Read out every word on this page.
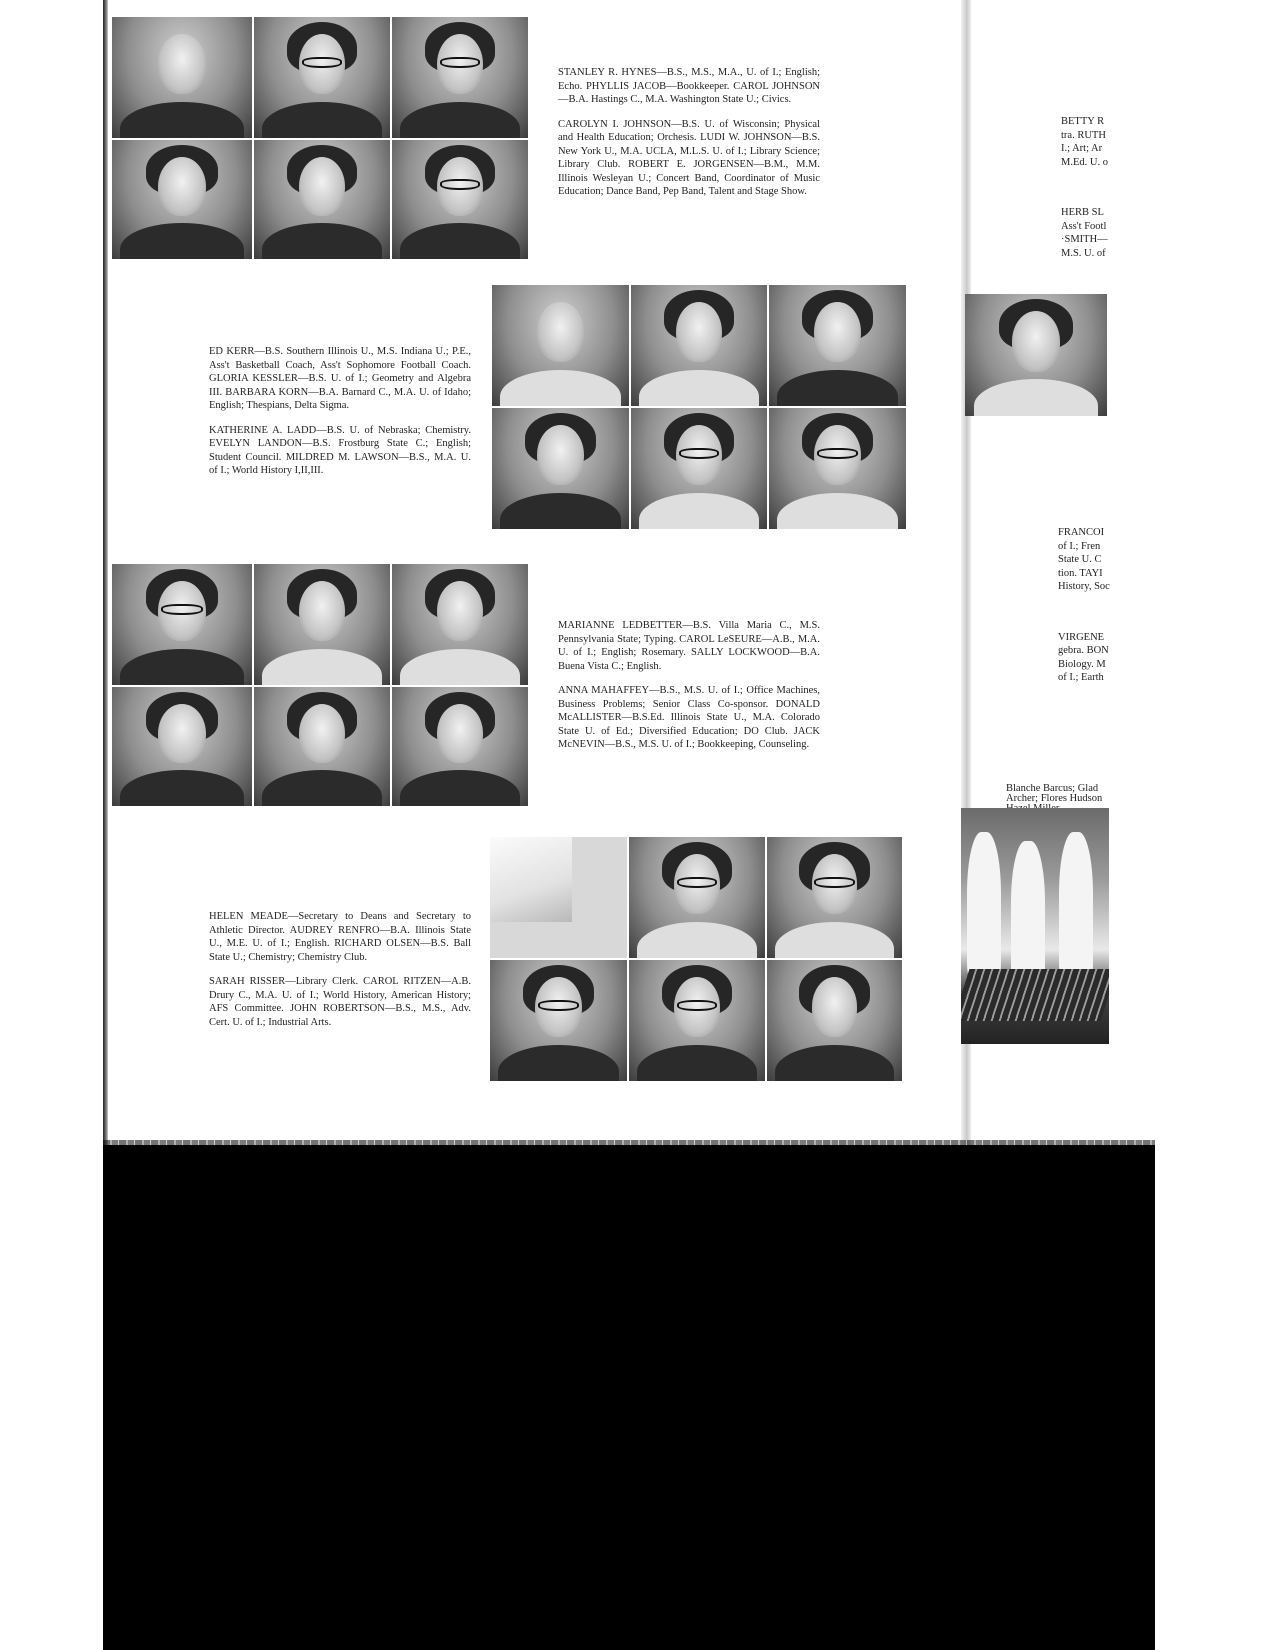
STANLEY R. HYNES—B.S., M.S., M.A., U. of I.; English; Echo. PHYLLIS JACOB—Bookkeeper. CAROL JOHNSON—B.A. Hastings C., M.A. Washington State U.; Civics.

CAROLYN I. JOHNSON—B.S. U. of Wisconsin; Physical and Health Education; Orchesis. LUDI W. JOHNSON—B.S. New York U., M.A. UCLA, M.L.S. U. of I.; Library Science; Library Club. ROBERT E. JORGENSEN—B.M., M.M. Illinois Wesleyan U.; Concert Band, Coordinator of Music Education; Dance Band, Pep Band, Talent and Stage Show.

ED KERR—B.S. Southern Illinois U., M.S. Indiana U.; P.E., Ass't Basketball Coach, Ass't Sophomore Football Coach. GLORIA KESSLER—B.S. U. of I.; Geometry and Algebra III. BARBARA KORN—B.A. Barnard C., M.A. U. of Idaho; English; Thespians, Delta Sigma.

KATHERINE A. LADD—B.S. U. of Nebraska; Chemistry. EVELYN LANDON—B.S. Frostburg State C.; English; Student Council. MILDRED M. LAWSON—B.S., M.A. U. of I.; World History I,II,III.

MARIANNE LEDBETTER—B.S. Villa Maria C., M.S. Pennsylvania State; Typing. CAROL LeSEURE—A.B., M.A. U. of I.; English; Rosemary. SALLY LOCKWOOD—B.A. Buena Vista C.; English.

ANNA MAHAFFEY—B.S., M.S. U. of I.; Office Machines, Business Problems; Senior Class Co-sponsor. DONALD McALLISTER—B.S.Ed. Illinois State U., M.A. Colorado State U. of Ed.; Diversified Education; DO Club. JACK McNEVIN—B.S., M.S. U. of I.; Bookkeeping, Counseling.

HELEN MEADE—Secretary to Deans and Secretary to Athletic Director. AUDREY RENFRO—B.A. Illinois State U., M.E. U. of I.; English. RICHARD OLSEN—B.S. Ball State U.; Chemistry; Chemistry Club.

SARAH RISSER—Library Clerk. CAROL RITZEN—A.B. Drury C., M.A. U. of I.; World History, American History; AFS Committee. JOHN ROBERTSON—B.S., M.S., Adv. Cert. U. of I.; Industrial Arts.

BETTY R
tra. RUTH
I.; Art; Ar
M.Ed. U. o

HERB SL
Ass't Footl
·SMITH—
M.S. U. of

FRANCOI
of I.; Fren
State U. C
tion. TAYI
History, Soc

VIRGENE
gebra. BON
Biology. M
of I.; Earth

Blanche Barcus; Glad
Archer; Flores Hudson
